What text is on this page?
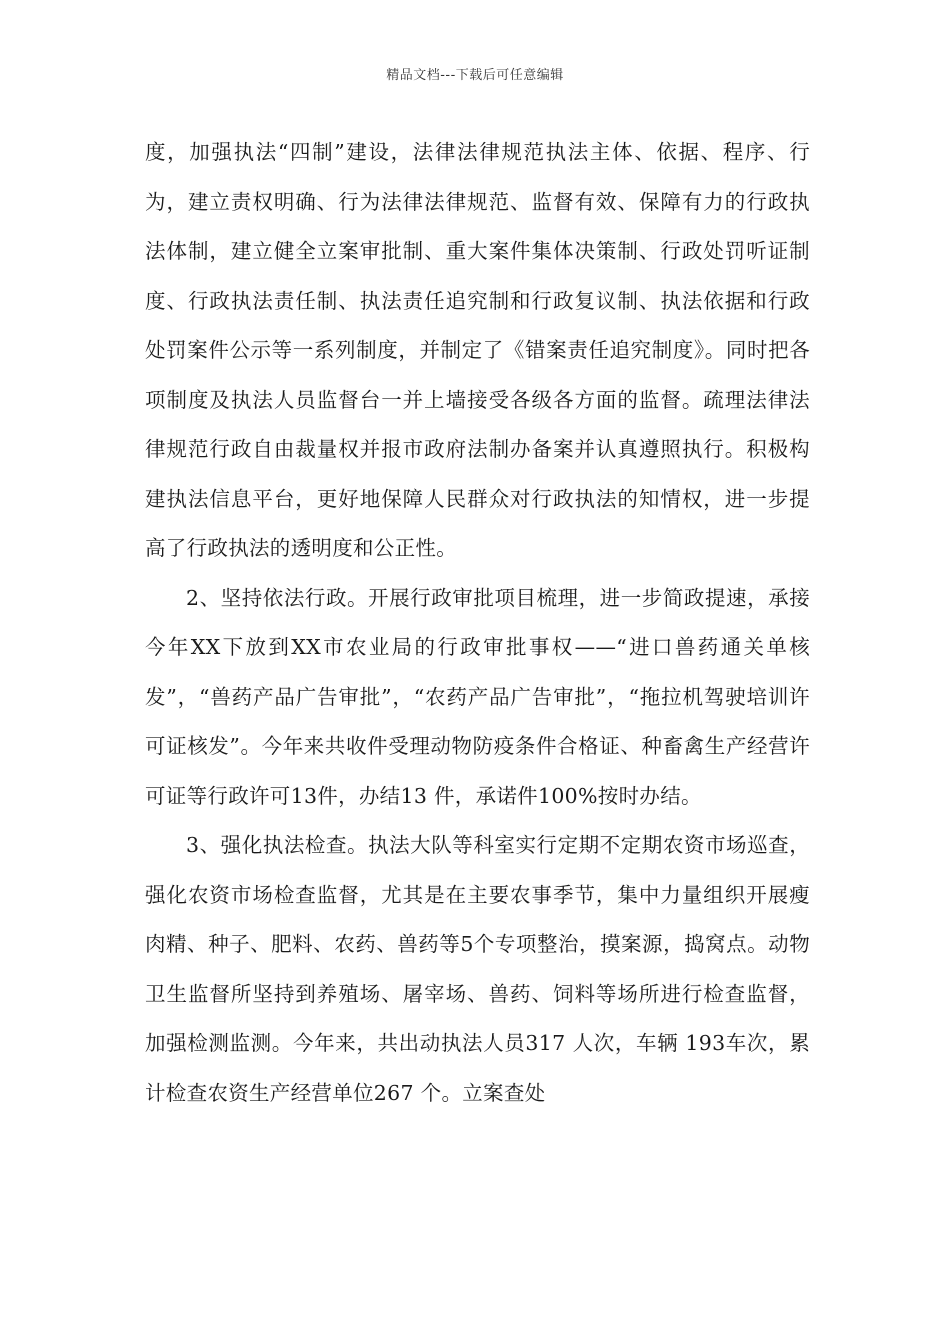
精品文档---下载后可任意编辑

度，加强执法“四制”建设，法律法律规范执法主体、依据、程序、行为，建立责权明确、行为法律法律规范、监督有效、保障有力的行政执法体制，建立健全立案审批制、重大案件集体决策制、行政处罚听证制度、行政执法责任制、执法责任追究制和行政复议制、执法依据和行政处罚案件公示等一系列制度，并制定了《错案责任追究制度》。同时把各项制度及执法人员监督台一并上墙接受各级各方面的监督。疏理法律法律规范行政自由裁量权并报市政府法制办备案并认真遵照执行。积极构建执法信息平台，更好地保障人民群众对行政执法的知情权，进一步提高了行政执法的透明度和公正性。

2、坚持依法行政。开展行政审批项目梳理，进一步简政提速，承接今年XX下放到XX市农业局的行政审批事权——“进口兽药通关单核发”，“兽药产品广告审批”，“农药产品广告审批”，“拖拉机驾驶培训许可证核发”。今年来共收件受理动物防疫条件合格证、种畜禽生产经营许可证等行政许可13件，办结13 件，承诺件100%按时办结。

3、强化执法检查。执法大队等科室实行定期不定期农资市场巡查，强化农资市场检查监督，尤其是在主要农事季节，集中力量组织开展瘦肉精、种子、肥料、农药、兽药等5个专项整治，摸案源，捣窝点。动物卫生监督所坚持到养殖场、屠宰场、兽药、饲料等场所进行检查监督，加强检测监测。今年来，共出动执法人员317 人次，车辆 193车次，累计检查农资生产经营单位267 个。立案查处
